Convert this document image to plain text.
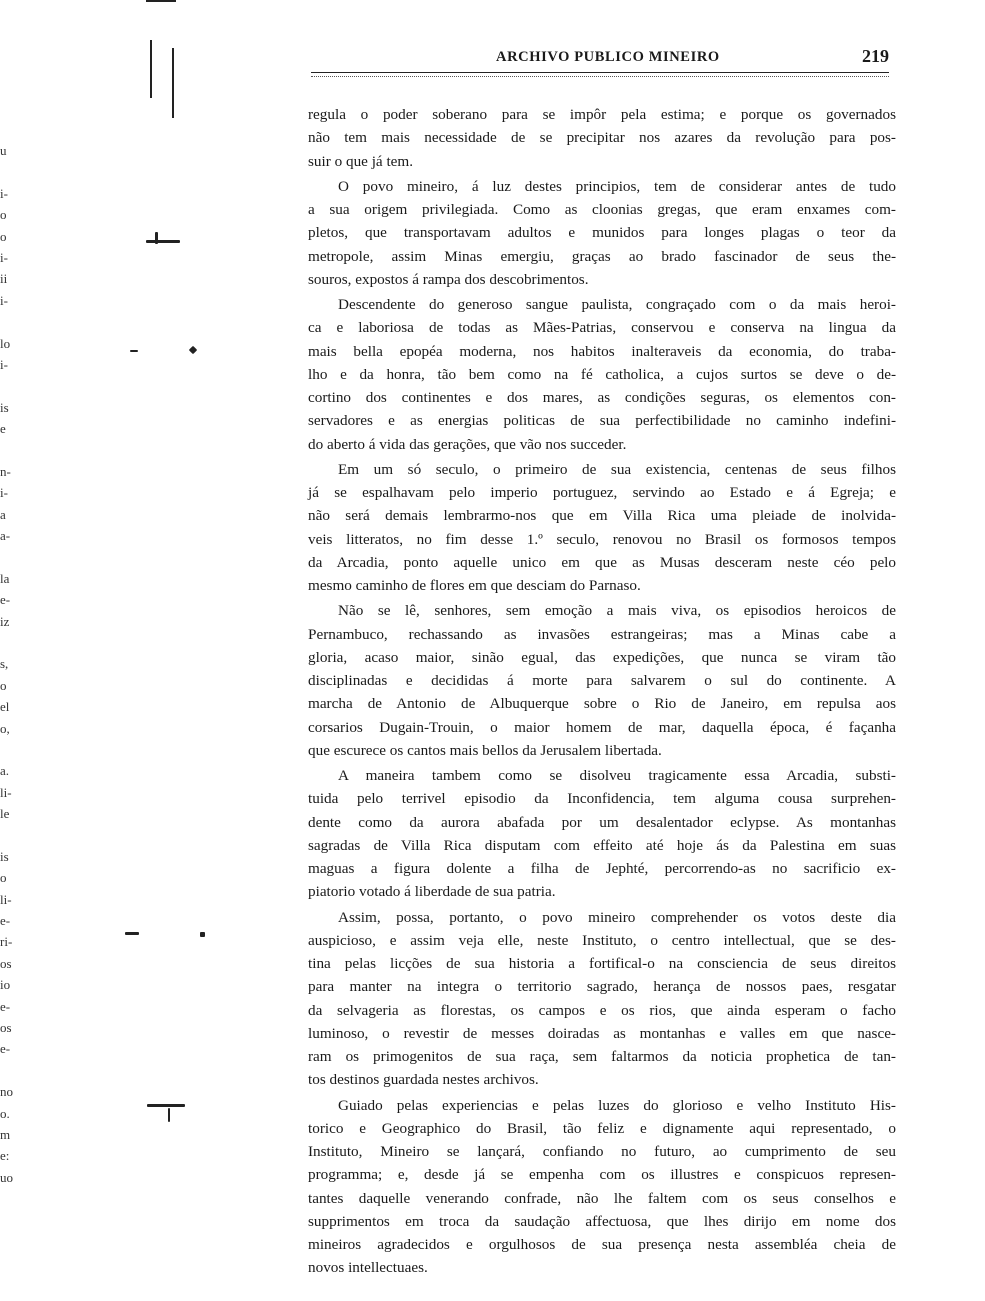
u
i-
o
o
i-
ii
i-
lo
i-
is
e
n-
i-
a
a-
la
e-
iz
s,
o
el
o,
a.
li-
le
is
o
li-
e-
ri-
os
io
e-
os
e-
no
o.
m
e:
uo
ARCHIVO PUBLICO MINEIRO	219
regula o poder soberano para se impôr pela estima; e porque os governados
não tem mais necessidade de se precipitar nos azares da revolução para pos-
suir o que já tem.
O povo mineiro, á luz destes principios, tem de considerar antes de tudo
a sua origem privilegiada. Como as cloonias gregas, que eram enxames com-
pletos, que transportavam adultos e munidos para longes plagas o teor da
metropole, assim Minas emergiu, graças ao brado fascinador de seus the-
souros, expostos á rampa dos descobrimentos.
Descendente do generoso sangue paulista, congraçado com o da mais heroi-
ca e laboriosa de todas as Mães-Patrias, conservou e conserva na lingua da
mais bella epopéa moderna, nos habitos inalteraveis da economia, do traba-
lho e da honra, tão bem como na fé catholica, a cujos surtos se deve o de-
cortino dos continentes e dos mares, as condições seguras, os elementos con-
servadores e as energias politicas de sua perfectibilidade no caminho indefini-
do aberto á vida das gerações, que vão nos succeder.
Em um só seculo, o primeiro de sua existencia, centenas de seus filhos
já se espalhavam pelo imperio portuguez, servindo ao Estado e á Egreja; e
não será demais lembrarmo-nos que em Villa Rica uma pleiade de inolvida-
veis litteratos, no fim desse 1.º seculo, renovou no Brasil os formosos tempos
da Arcadia, ponto aquelle unico em que as Musas desceram neste céo pelo
mesmo caminho de flores em que desciam do Parnaso.
Não se lê, senhores, sem emoção a mais viva, os episodios heroicos de
Pernambuco, rechassando as invasões estrangeiras; mas a Minas cabe a
gloria, acaso maior, sinão egual, das expedições, que nunca se viram tão
disciplinadas e decididas á morte para salvarem o sul do continente. A
marcha de Antonio de Albuquerque sobre o Rio de Janeiro, em repulsa aos
corsarios Dugain-Trouin, o maior homem de mar, daquella época, é façanha
que escurece os cantos mais bellos da Jerusalem libertada.
A maneira tambem como se disolveu tragicamente essa Arcadia, substi-
tuida pelo terrivel episodio da Inconfidencia, tem alguma cousa surprehen-
dente como da aurora abafada por um desalentador eclypse. As montanhas
sagradas de Villa Rica disputam com effeito até hoje ás da Palestina em suas
maguas a figura dolente a filha de Jephté, percorrendo-as no sacrificio ex-
piatorio votado á liberdade de sua patria.
Assim, possa, portanto, o povo mineiro comprehender os votos deste dia
auspicioso, e assim veja elle, neste Instituto, o centro intellectual, que se des-
tina pelas licções de sua historia a fortifical-o na consciencia de seus direitos
para manter na integra o territorio sagrado, herança de nossos paes, resgatar
da selvageria as florestas, os campos e os rios, que ainda esperam o facho
luminoso, o revestir de messes doiradas as montanhas e valles em que nasce-
ram os primogenitos de sua raça, sem faltarmos da noticia prophetica de tan-
tos destinos guardada nestes archivos.
Guiado pelas experiencias e pelas luzes do glorioso e velho Instituto His-
torico e Geographico do Brasil, tão feliz e dignamente aqui representado, o
Instituto, Mineiro se lançará, confiando no futuro, ao cumprimento de seu
programma; e, desde já se empenha com os illustres e conspicuos represen-
tantes daquelle venerando confrade, não lhe faltem com os seus conselhos e
supprimentos em troca da saudação affectuosa, que lhes dirijo em nome dos
mineiros agradecidos e orgulhosos de sua presença nesta assembléa cheia de
novos intellectuaes.
